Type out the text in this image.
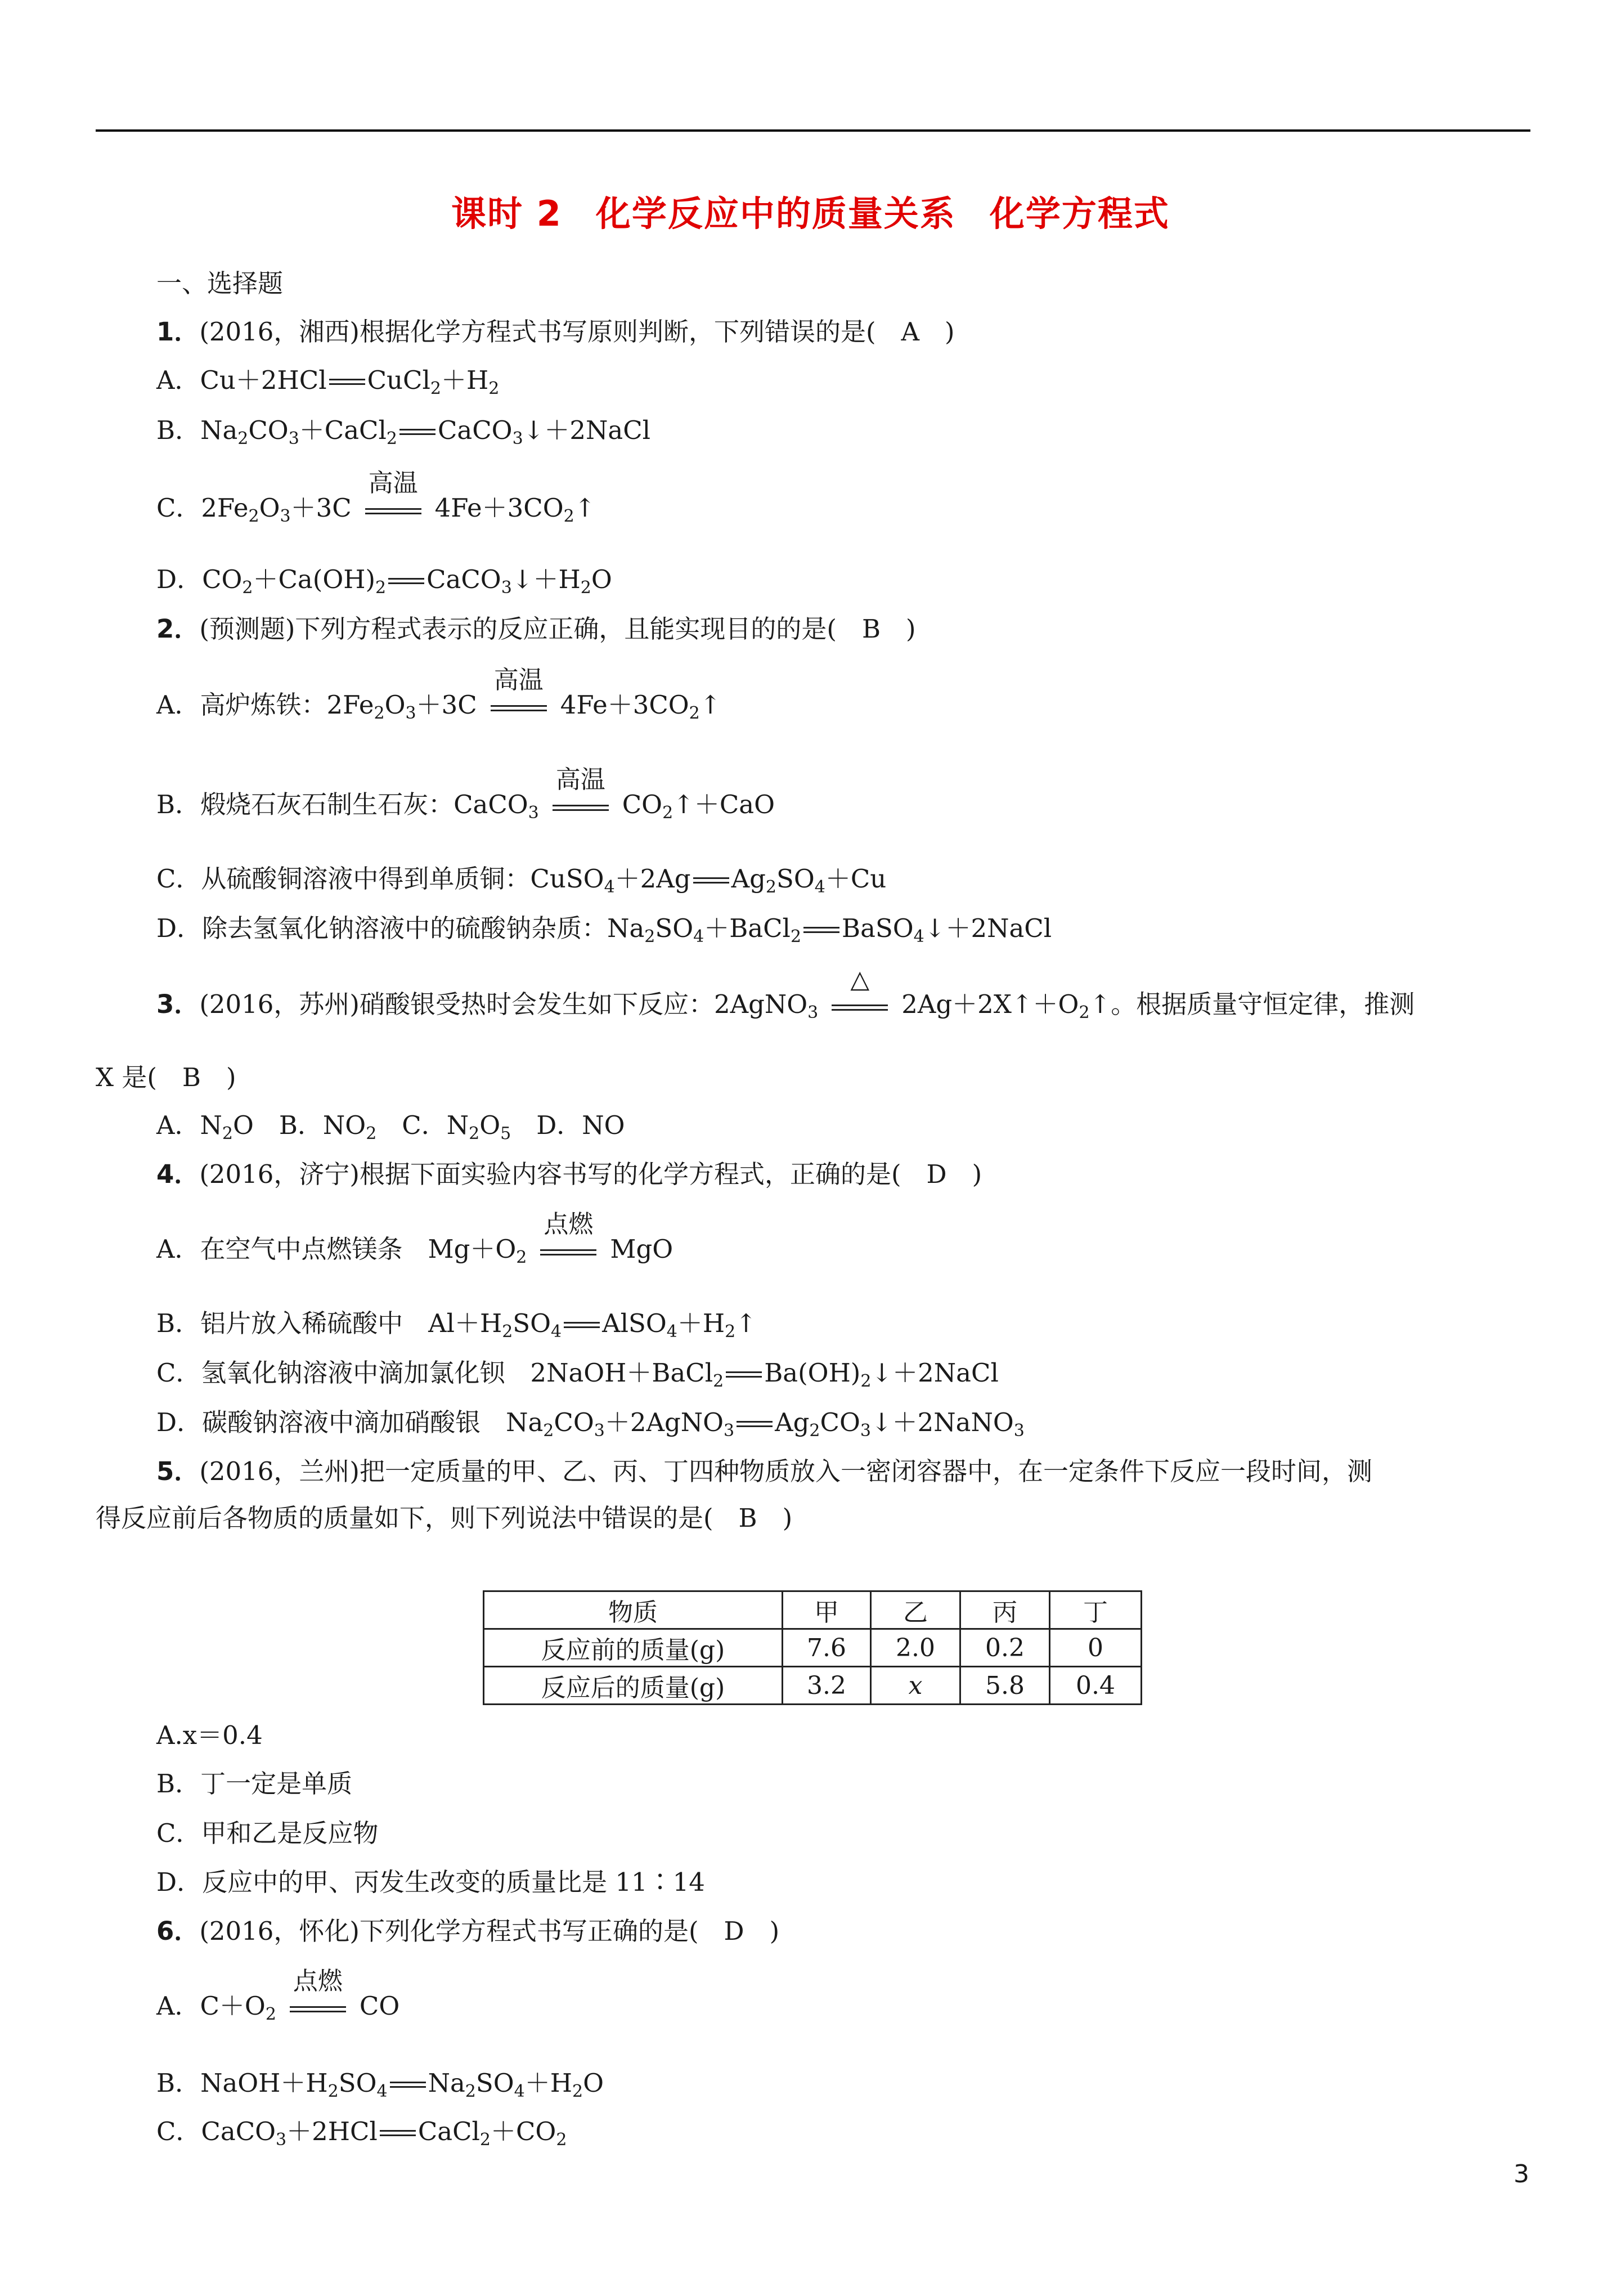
课时 2 化学反应中的质量关系 化学方程式
一、选择题
1．(2016，湘西)根据化学方程式书写原则判断，下列错误的是(　A　)
A．Cu＋2HCl $CuCl_2+H_2$
B．$Na_2CO_3+CaCl_2$ CaCO$_3$↓＋2NaCl
C．$2Fe_2O_3+3C$
高温
$4Fe+3CO_2↑$
D．$CO_2+Ca(OH)_2$ $CaCO_3↓+H_2O$
2．(预测题)下列方程式表示的反应正确，且能实现目的的是(　B　)
A．高炉炼铁：$2Fe_2O_3+3C$
高温
$4Fe+3CO_2↑$
B．煅烧石灰石制生石灰：CaCO$_3$
高温
$CO_2↑+CaO$
C．从硫酸铜溶液中得到单质铜：CuSO$_4$＋2Ag $Ag_2SO_4+Cu$
D．除去氢氧化钠溶液中的硫酸钠杂质：$Na_2SO_4+BaCl_2$ BaSO$_4$↓＋2NaCl
3．(2016，苏州)硝酸银受热时会发生如下反应：2AgNO$_3$
△
$2Ag+2X↑+O_2↑$。根据质量守恒定律，推测
X 是(　B　)
A．$N_2O$　B．$NO_2$　C．$N_2O_5$　D．NO
4．(2016，济宁)根据下面实验内容书写的化学方程式，正确的是(　D　)
A．在空气中点燃镁条　$Mg+O_2$
点燃
MgO
B．铝片放入稀硫酸中　$Al+H_2SO_4$ $AlSO_4+H_2↑$
C．氢氧化钠溶液中滴加氯化钡　2NaOH＋BaCl$_2$ $Ba(OH)_2↓+2NaCl$
D．碳酸钠溶液中滴加硝酸银　$Na_2CO_3+2AgNO_3$ $Ag_2CO_3↓+2NaNO_3$
5．(2016，兰州)把一定质量的甲、乙、丙、丁四种物质放入一密闭容器中，在一定条件下反应一段时间，测
得反应前后各物质的质量如下，则下列说法中错误的是(　B　)
物质	甲	乙	丙	丁
反应前的质量(g)	7.6	2.0	0.2	0
反应后的质量(g)	3.2	x	5.8	0.4
A.x＝0.4
B．丁一定是单质
C．甲和乙是反应物
D．反应中的甲、丙发生改变的质量比是 11∶14
6．(2016，怀化)下列化学方程式书写正确的是(　D　)
A．$C+O_2$
点燃
CO
B．$NaOH+H_2SO_4$ $Na_2SO_4+H_2O$
C．CaCO$_3$＋2HCl $CaCl_2+CO_2$
3
